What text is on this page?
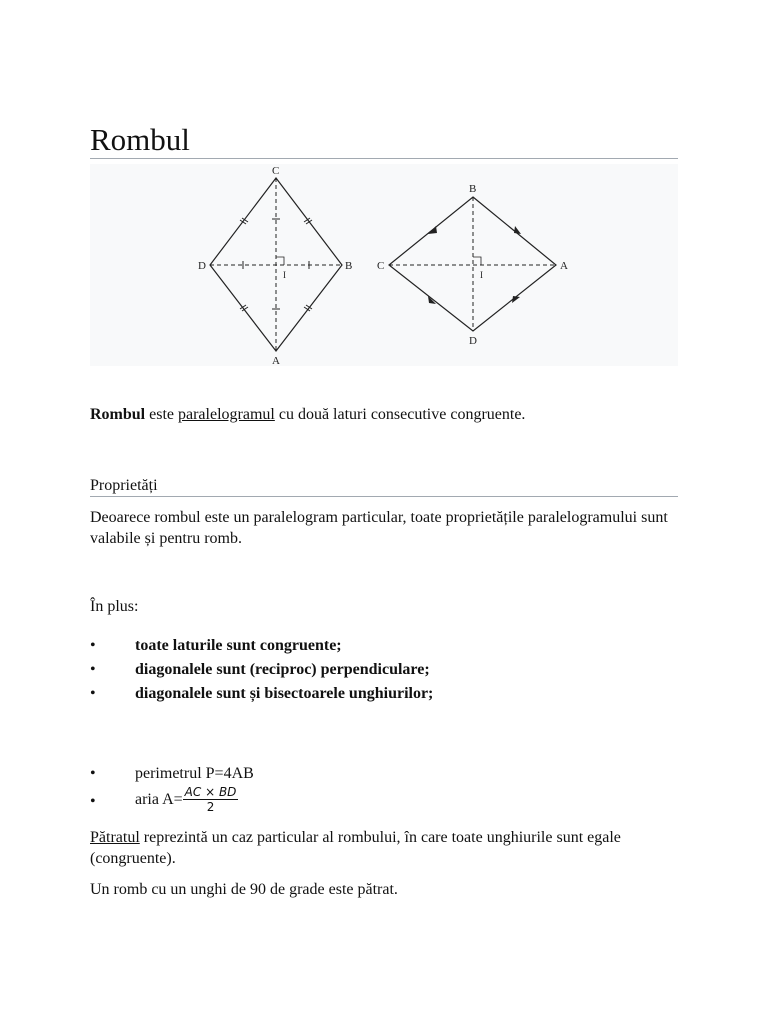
Rombul
C
A
D	B
I
B
D
C	A
I
Rombul este paralelogramul cu două laturi consecutive congruente.
Proprietăți
Deoarece rombul este un paralelogram particular, toate proprietățile paralelogramului sunt valabile și pentru romb.
În plus:
• toate laturile sunt congruente;
• diagonalele sunt (reciproc) perpendiculare;
• diagonalele sunt și bisectoarele unghiurilor;
• perimetrul P=4AB
• aria $A= \frac{AC \times BD}{2}$
Pătratul reprezintă un caz particular al rombului, în care toate unghiurile sunt egale (congruente).
Un romb cu un unghi de 90 de grade este pătrat.
